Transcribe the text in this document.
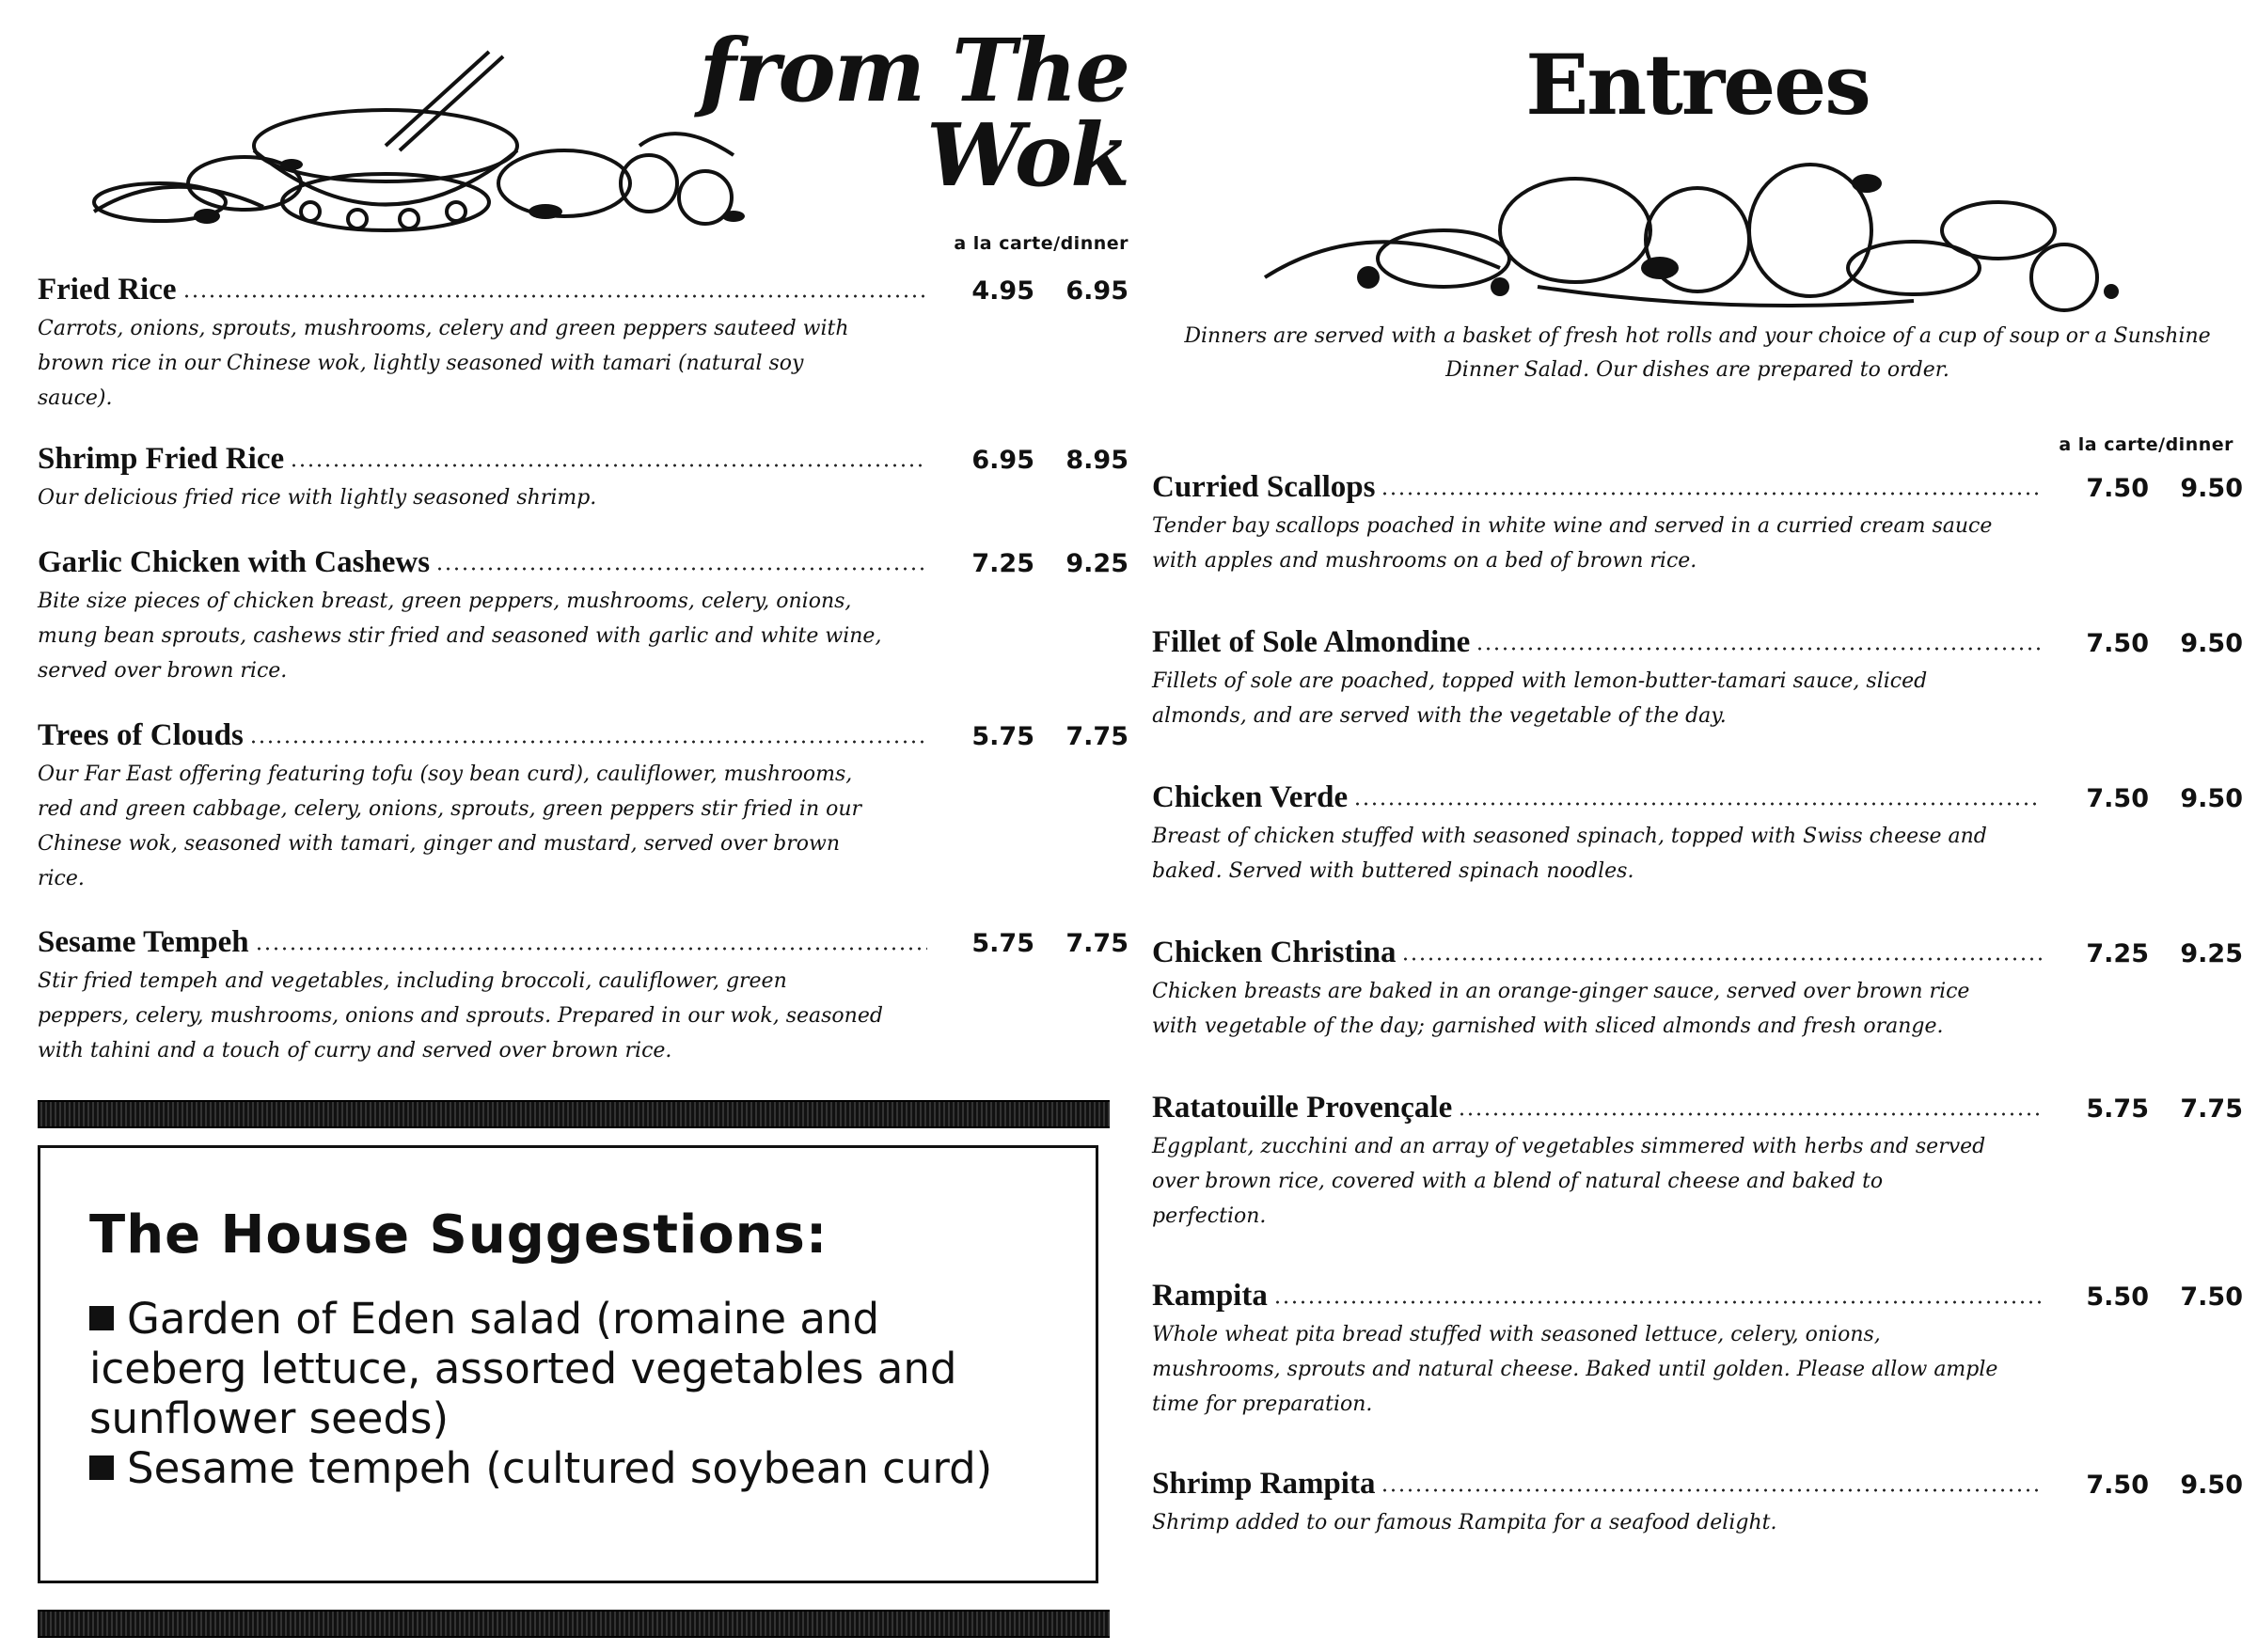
from The
Wok
a la carte/dinner
Fried Rice	4.95	6.95
Carrots, onions, sprouts, mushrooms, celery and green peppers sauteed with brown rice in our Chinese wok, lightly seasoned with tamari (natural soy sauce).
Shrimp Fried Rice	6.95	8.95
Our delicious fried rice with lightly seasoned shrimp.
Garlic Chicken with Cashews	7.25	9.25
Bite size pieces of chicken breast, green peppers, mushrooms, celery, onions, mung bean sprouts, cashews stir fried and seasoned with garlic and white wine, served over brown rice.
Trees of Clouds	5.75	7.75
Our Far East offering featuring tofu (soy bean curd), cauliflower, mushrooms, red and green cabbage, celery, onions, sprouts, green peppers stir fried in our Chinese wok, seasoned with tamari, ginger and mustard, served over brown rice.
Sesame Tempeh	5.75	7.75
Stir fried tempeh and vegetables, including broccoli, cauliflower, green peppers, celery, mushrooms, onions and sprouts. Prepared in our wok, seasoned with tahini and a touch of curry and served over brown rice.
The House Suggestions:
Garden of Eden salad (romaine and iceberg lettuce, assorted vegetables and sunflower seeds)
Sesame tempeh (cultured soybean curd)
Entrees
Dinners are served with a basket of fresh hot rolls and your choice of a cup of soup or a Sunshine Dinner Salad. Our dishes are prepared to order.
a la carte/dinner
Curried Scallops	7.50	9.50
Tender bay scallops poached in white wine and served in a curried cream sauce with apples and mushrooms on a bed of brown rice.
Fillet of Sole Almondine	7.50	9.50
Fillets of sole are poached, topped with lemon-butter-tamari sauce, sliced almonds, and are served with the vegetable of the day.
Chicken Verde	7.50	9.50
Breast of chicken stuffed with seasoned spinach, topped with Swiss cheese and baked. Served with buttered spinach noodles.
Chicken Christina	7.25	9.25
Chicken breasts are baked in an orange-ginger sauce, served over brown rice with vegetable of the day; garnished with sliced almonds and fresh orange.
Ratatouille Provençale	5.75	7.75
Eggplant, zucchini and an array of vegetables simmered with herbs and served over brown rice, covered with a blend of natural cheese and baked to perfection.
Rampita	5.50	7.50
Whole wheat pita bread stuffed with seasoned lettuce, celery, onions, mushrooms, sprouts and natural cheese. Baked until golden. Please allow ample time for preparation.
Shrimp Rampita	7.50	9.50
Shrimp added to our famous Rampita for a seafood delight.
